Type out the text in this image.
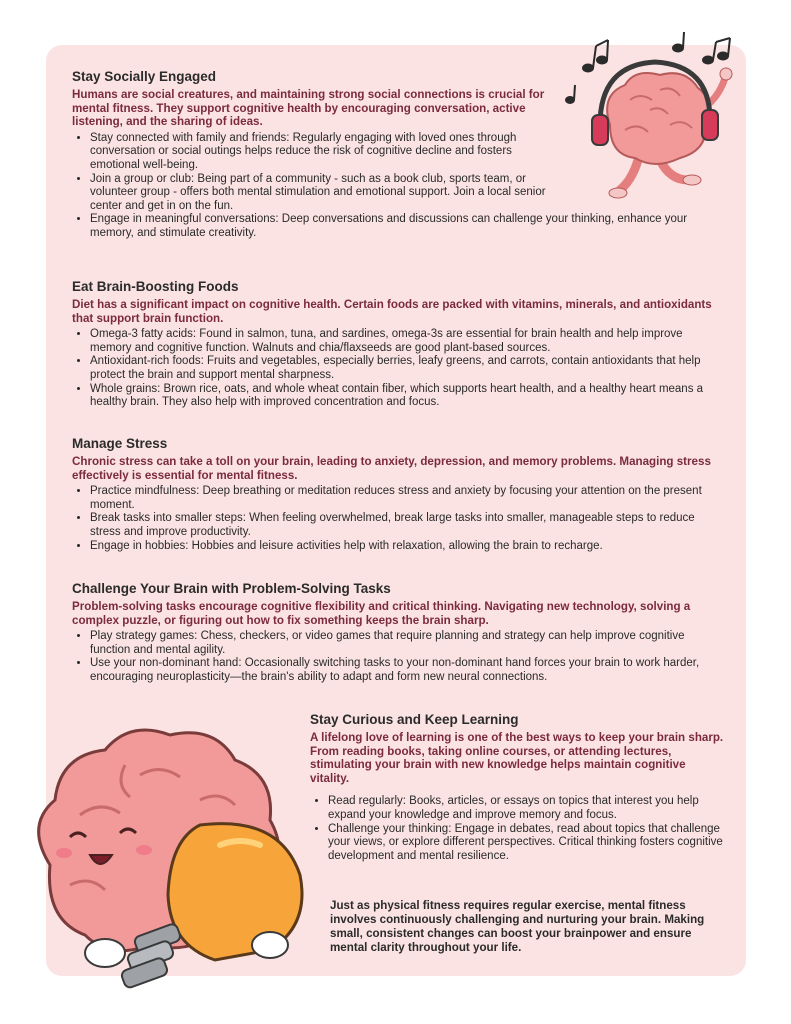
Stay Socially Engaged

Humans are social creatures, and maintaining strong social connections is crucial for mental fitness. They support cognitive health by encouraging conversation, active listening, and the sharing of ideas.

• Stay connected with family and friends: Regularly engaging with loved ones through conversation or social outings helps reduce the risk of cognitive decline and fosters emotional well-being.
• Join a group or club: Being part of a community - such as a book club, sports team, or volunteer group - offers both mental stimulation and emotional support. Join a local senior center and get in on the fun.
• Engage in meaningful conversations: Deep conversations and discussions can challenge your thinking, enhance your memory, and stimulate creativity.
Eat Brain-Boosting Foods

Diet has a significant impact on cognitive health. Certain foods are packed with vitamins, minerals, and antioxidants that support brain function.

• Omega-3 fatty acids: Found in salmon, tuna, and sardines, omega-3s are essential for brain health and help improve memory and cognitive function. Walnuts and chia/flaxseeds are good plant-based sources.
• Antioxidant-rich foods: Fruits and vegetables, especially berries, leafy greens, and carrots, contain antioxidants that help protect the brain and support mental sharpness.
• Whole grains: Brown rice, oats, and whole wheat contain fiber, which supports heart health, and a healthy heart means a healthy brain. They also help with improved concentration and focus.
Manage Stress

Chronic stress can take a toll on your brain, leading to anxiety, depression, and memory problems. Managing stress effectively is essential for mental fitness.

• Practice mindfulness: Deep breathing or meditation reduces stress and anxiety by focusing your attention on the present moment.
• Break tasks into smaller steps: When feeling overwhelmed, break large tasks into smaller, manageable steps to reduce stress and improve productivity.
• Engage in hobbies: Hobbies and leisure activities help with relaxation, allowing the brain to recharge.
Challenge Your Brain with Problem-Solving Tasks

Problem-solving tasks encourage cognitive flexibility and critical thinking. Navigating new technology, solving a complex puzzle, or figuring out how to fix something keeps the brain sharp.

• Play strategy games: Chess, checkers, or video games that require planning and strategy can help improve cognitive function and mental agility.
• Use your non-dominant hand: Occasionally switching tasks to your non-dominant hand forces your brain to work harder, encouraging neuroplasticity—the brain's ability to adapt and form new neural connections.
Stay Curious and Keep Learning

A lifelong love of learning is one of the best ways to keep your brain sharp. From reading books, taking online courses, or attending lectures, stimulating your brain with new knowledge helps maintain cognitive vitality.

• Read regularly: Books, articles, or essays on topics that interest you help expand your knowledge and improve memory and focus.
• Challenge your thinking: Engage in debates, read about topics that challenge your views, or explore different perspectives. Critical thinking fosters cognitive development and mental resilience.

Just as physical fitness requires regular exercise, mental fitness involves continuously challenging and nurturing your brain. Making small, consistent changes can boost your brainpower and ensure mental clarity throughout your life.
